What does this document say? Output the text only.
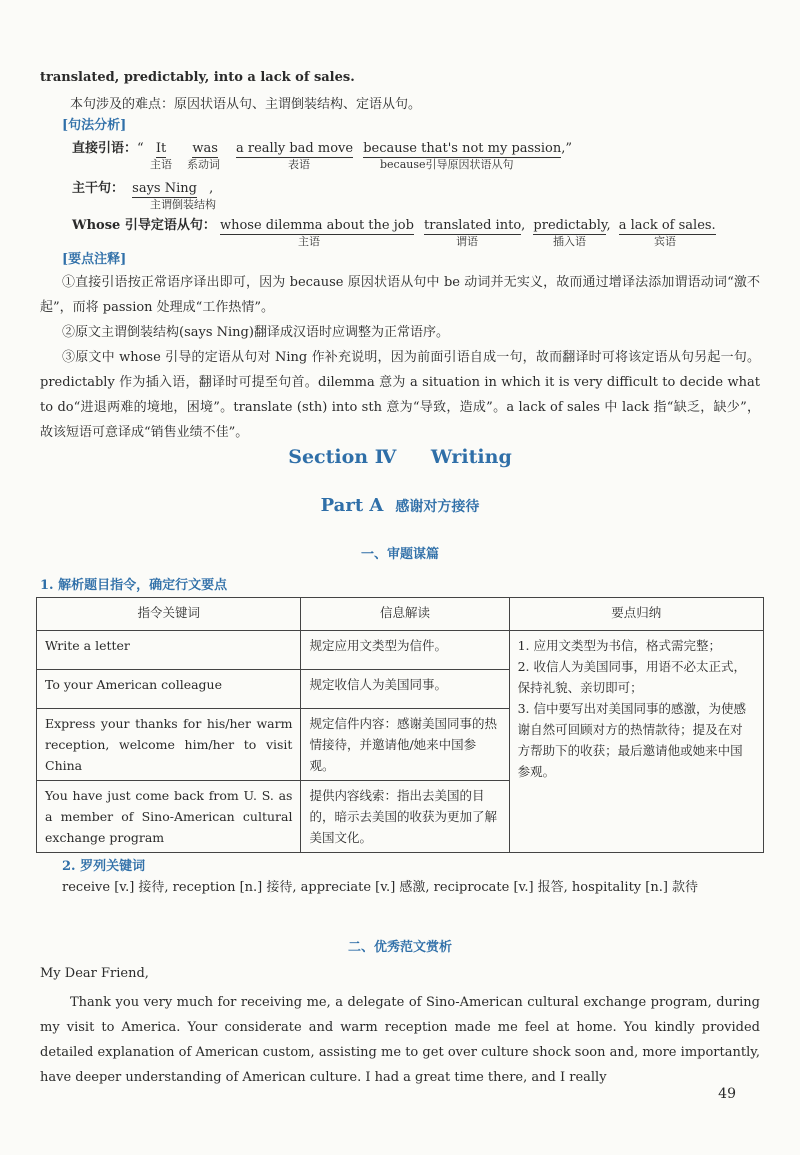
translated, predictably, into a lack of sales.
本句涉及的难点：原因状语从句、主谓倒装结构、定语从句。
[句法分析]
直接引语：“ It was a really bad move because that's not my passion,”
主语 系动词	表语	because引导原因状语从句
主干句： says Ning ,
主谓倒装结构
Whose 引导定语从句： whose dilemma about the job translated into, predictably, a lack of sales.
主语	谓语	插入语	宾语
[要点注释]
①直接引语按正常语序译出即可，因为 because 原因状语从句中 be 动词并无实义，故而通过增译法添加谓语动词“激不起”，而将 passion 处理成“工作热情”。
②原文主谓倒装结构(says Ning)翻译成汉语时应调整为正常语序。
③原文中 whose 引导的定语从句对 Ning 作补充说明，因为前面引语自成一句，故而翻译时可将该定语从句另起一句。predictably 作为插入语，翻译时可提至句首。dilemma 意为 a situation in which it is very difficult to decide what to do“进退两难的境地，困境”。translate (sth) into sth 意为“导致，造成”。a lack of sales 中 lack 指“缺乏，缺少”，故该短语可意译成“销售业绩不佳”。
Section Ⅳ Writing
Part A 感谢对方接待
一、审题谋篇
1. 解析题目指令，确定行文要点
指令关键词	信息解读	要点归纳
Write a letter	规定应用文类型为信件。	1. 应用文类型为书信，格式需完整；
2. 收信人为美国同事，用语不必太正式，保持礼貌、亲切即可；
3. 信中要写出对美国同事的感激，为使感谢自然可回顾对方的热情款待；提及在对方帮助下的收获；最后邀请他或她来中国参观。

To your American colleague	规定收信人为美国同事。	
Express your thanks for his/her warm reception, welcome him/her to visit China	规定信件内容：感谢美国同事的热情接待，并邀请他/她来中国参观。	
You have just come back from U. S. as a member of Sino-American cultural exchange program	提供内容线索：指出去美国的目的，暗示去美国的收获为更加了解美国文化。	
2. 罗列关键词
receive [v.] 接待, reception [n.] 接待, appreciate [v.] 感激, reciprocate [v.] 报答, hospitality [n.] 款待
二、优秀范文赏析
My Dear Friend,
Thank you very much for receiving me, a delegate of Sino-American cultural exchange program, during my visit to America. Your considerate and warm reception made me feel at home. You kindly provided detailed explanation of American custom, assisting me to get over culture shock soon and, more importantly, have deeper understanding of American culture. I had a great time there, and I really
49
